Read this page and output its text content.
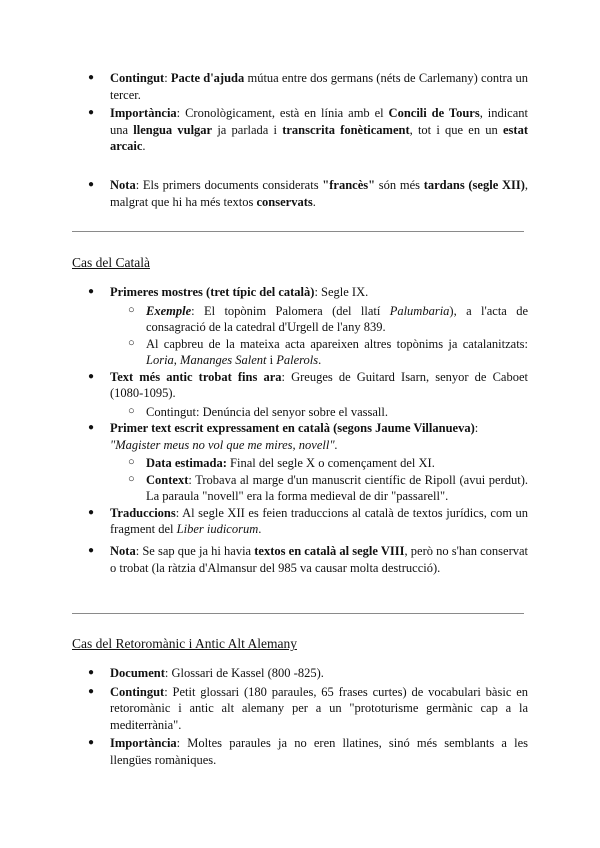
● Contingut: Pacte d'ajuda mútua entre dos germans (néts de Carlemany) contra un tercer.
● Importància: Cronològicament, està en línia amb el Concili de Tours, indicant una llengua vulgar ja parlada i transcrita fonèticament, tot i que en un estat arcaic.
● Nota: Els primers documents considerats "francès" són més tardans (segle XII), malgrat que hi ha més textos conservats.
Cas del Català
● Primeres mostres (tret típic del català): Segle IX.
○ Exemple: El topònim Palomera (del llatí Palumbaria), a l'acta de consagració de la catedral d'Urgell de l'any 839.
○ Al capbreu de la mateixa acta apareixen altres topònims ja catalanitzats: Loria, Mananges Salent i Palerols.
● Text més antic trobat fins ara: Greuges de Guitard Isarn, senyor de Caboet (1080-1095).
○ Contingut: Denúncia del senyor sobre el vassall.
● Primer text escrit expressament en català (segons Jaume Villanueva):
"Magister meus no vol que me mires, novell".
○ Data estimada: Final del segle X o començament del XI.
○ Context: Trobava al marge d'un manuscrit científic de Ripoll (avui perdut). La paraula "novell" era la forma medieval de dir "passarell".
● Traduccions: Al segle XII es feien traduccions al català de textos jurídics, com un fragment del Liber iudicorum.
● Nota: Se sap que ja hi havia textos en català al segle VIII, però no s'han conservat o trobat (la ràtzia d'Almansur del 985 va causar molta destrucció).
Cas del Retoromànic i Antic Alt Alemany
● Document: Glossari de Kassel (800 -825).
● Contingut: Petit glossari (180 paraules, 65 frases curtes) de vocabulari bàsic en retoromànic i antic alt alemany per a un "prototurisme germànic cap a la mediterrània".
● Importància: Moltes paraules ja no eren llatines, sinó més semblants a les llengües romàniques.
